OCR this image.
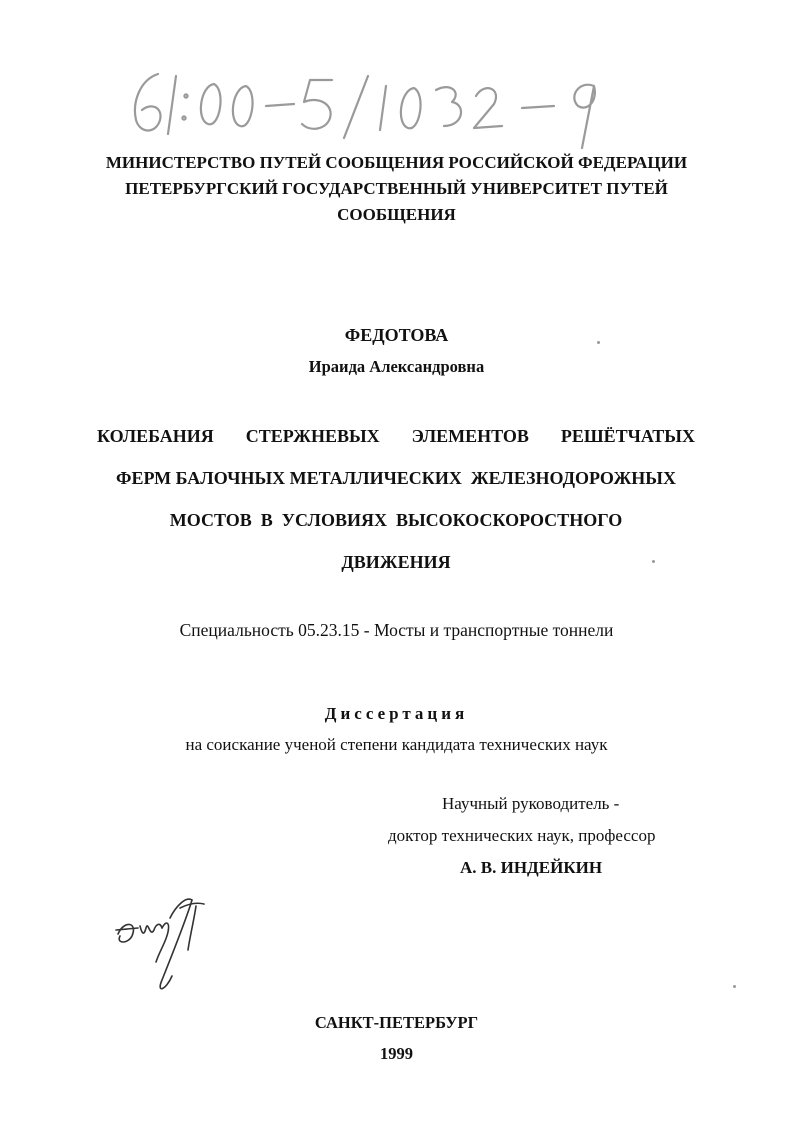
МИНИСТЕРСТВО ПУТЕЙ СООБЩЕНИЯ РОССИЙСКОЙ ФЕДЕРАЦИИ
ПЕТЕРБУРГСКИЙ ГОСУДАРСТВЕННЫЙ УНИВЕРСИТЕТ ПУТЕЙ
СООБЩЕНИЯ
ФЕДОТОВА
Ираида Александровна
КОЛЕБАНИЯ СТЕРЖНЕВЫХ ЭЛЕМЕНТОВ РЕШЁТЧАТЫХ
ФЕРМ БАЛОЧНЫХ МЕТАЛЛИЧЕСКИХ  ЖЕЛЕЗНОДОРОЖНЫХ
МОСТОВ  В  УСЛОВИЯХ  ВЫСОКОСКОРОСТНОГО
ДВИЖЕНИЯ
Специальность 05.23.15 - Мосты и транспортные тоннели
Диссертация
на соискание ученой степени кандидата технических наук
Научный руководитель -
доктор технических наук, профессор
А. В. ИНДЕЙКИН
САНКТ-ПЕТЕРБУРГ
1999
